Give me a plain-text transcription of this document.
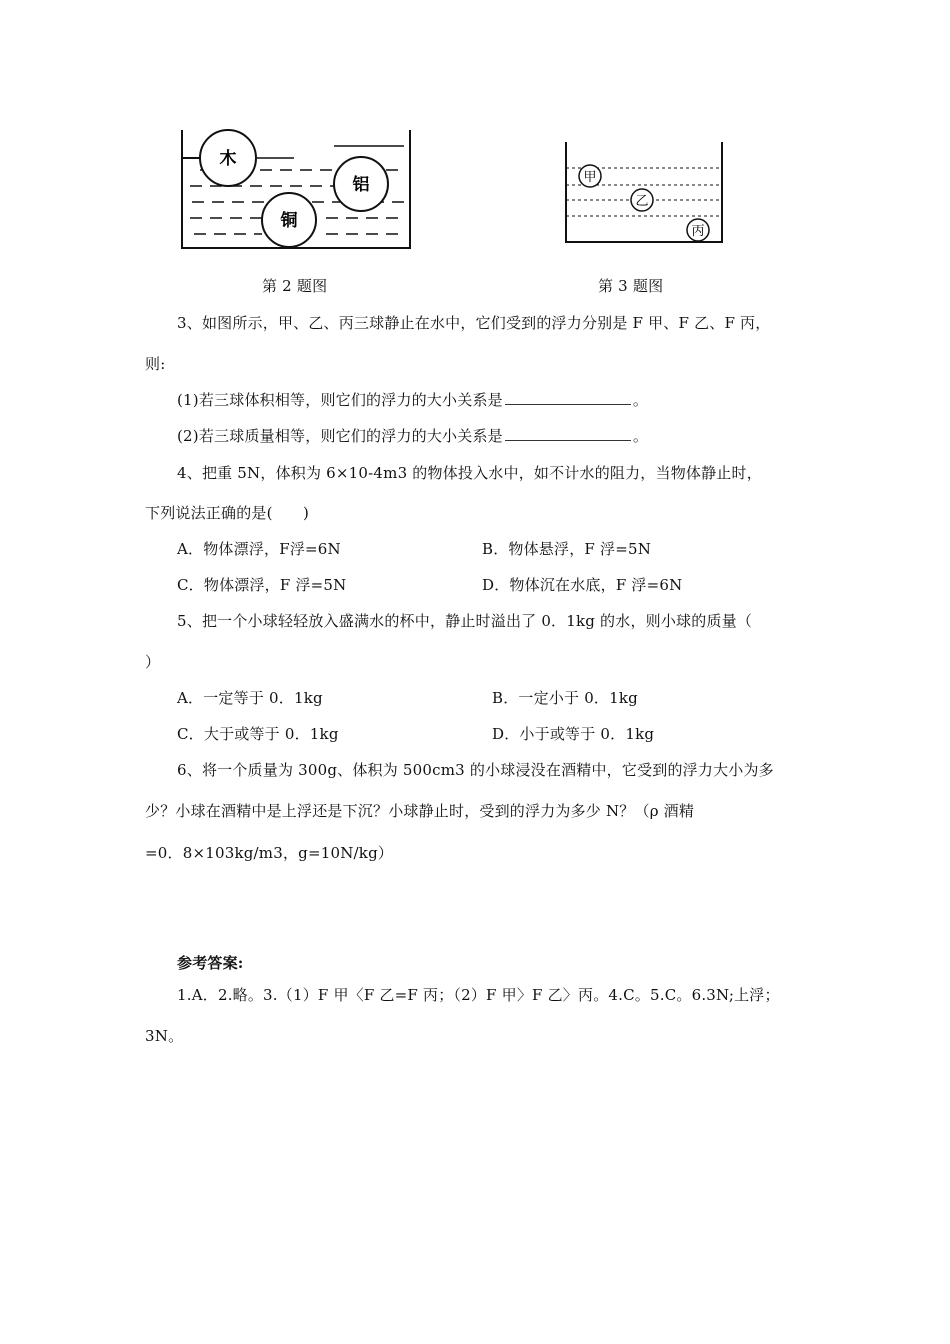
木
铝
铜
甲
乙
丙
第 2 题图	第 3 题图
3、如图所示，甲、乙、丙三球静止在水中，它们受到的浮力分别是 F 甲、F 乙、F 丙，
则:
(1)若三球体积相等，则它们的浮力的大小关系是	。
(2)若三球质量相等，则它们的浮力的大小关系是	。
4、把重 5N，体积为 6×10-4m3 的物体投入水中，如不计水的阻力，当物体静止时，
下列说法正确的是(　　)
A．物体漂浮，F浮=6N	B．物体悬浮，F 浮=5N
C．物体漂浮，F 浮=5N	D．物体沉在水底，F 浮=6N
5、把一个小球轻轻放入盛满水的杯中，静止时溢出了 0．1kg 的水，则小球的质量（
）
A．一定等于 0．1kg	B．一定小于 0．1kg
C．大于或等于 0．1kg	D．小于或等于 0．1kg
6、将一个质量为 300g、体积为 500cm3 的小球浸没在酒精中，它受到的浮力大小为多
少？小球在酒精中是上浮还是下沉？小球静止时，受到的浮力为多少 N？（ρ 酒精
=0．8×103kg/m3，g=10N/kg）
参考答案:
1.A．2.略。3.（1）F 甲〈F 乙=F 丙；（2）F 甲〉F 乙〉丙。4.C。5.C。6.3N;上浮；
3N。
